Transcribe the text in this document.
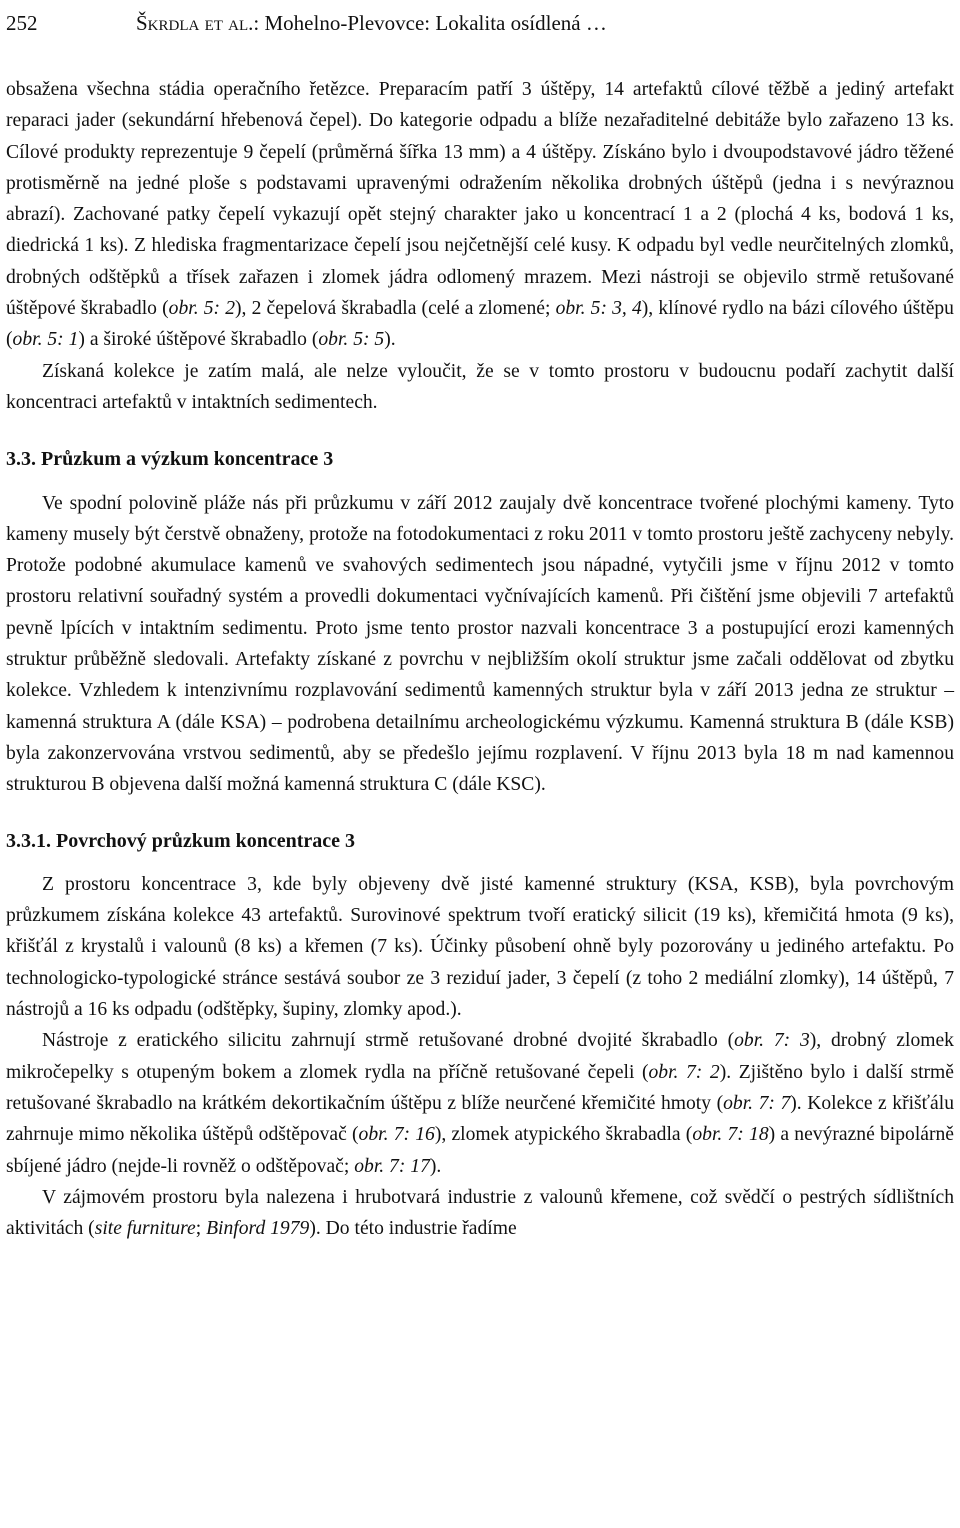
252	Škrdla et al.: Mohelno-Plevovce: Lokalita osídlená …

obsažena všechna stádia operačního řetězce. Preparacím patří 3 úštěpy, 14 artefaktů cílové těžbě a jediný artefakt reparaci jader (sekundární hřebenová čepel). Do kategorie odpadu a blíže nezařaditelné debitáže bylo zařazeno 13 ks. Cílové produkty reprezentuje 9 čepelí (průměrná šířka 13 mm) a 4 úštěpy. Získáno bylo i dvoupodstavové jádro těžené protisměrně na jedné ploše s podstavami upravenými odražením několika drobných úštěpů (jedna i s nevýraznou abrazí). Zachované patky čepelí vykazují opět stejný charakter jako u koncentrací 1 a 2 (plochá 4 ks, bodová 1 ks, diedrická 1 ks). Z hlediska fragmentarizace čepelí jsou nejčetnější celé kusy. K odpadu byl vedle neurčitelných zlomků, drobných odštěpků a třísek zařazen i zlomek jádra odlomený mrazem. Mezi nástroji se objevilo strmě retušované úštěpové škrabadlo (obr. 5: 2), 2 čepelová škrabadla (celé a zlomené; obr. 5: 3, 4), klínové rydlo na bázi cílového úštěpu (obr. 5: 1) a široké úštěpové škrabadlo (obr. 5: 5).

Získaná kolekce je zatím malá, ale nelze vyloučit, že se v tomto prostoru v budoucnu podaří zachytit další koncentraci artefaktů v intaktních sedimentech.

3.3. Průzkum a výzkum koncentrace 3

Ve spodní polovině pláže nás při průzkumu v září 2012 zaujaly dvě koncentrace tvořené plochými kameny. Tyto kameny musely být čerstvě obnaženy, protože na fotodokumentaci z roku 2011 v tomto prostoru ještě zachyceny nebyly. Protože podobné akumulace kamenů ve svahových sedimentech jsou nápadné, vytyčili jsme v říjnu 2012 v tomto prostoru relativní souřadný systém a provedli dokumentaci vyčnívajících kamenů. Při čištění jsme objevili 7 artefaktů pevně lpících v intaktním sedimentu. Proto jsme tento prostor nazvali koncentrace 3 a postupující erozi kamenných struktur průběžně sledovali. Artefakty získané z povrchu v nejbližším okolí struktur jsme začali oddělovat od zbytku kolekce. Vzhledem k intenzivnímu rozplavování sedimentů kamenných struktur byla v září 2013 jedna ze struktur – kamenná struktura A (dále KSA) – podrobena detailnímu archeologickému výzkumu. Kamenná struktura B (dále KSB) byla zakonzervována vrstvou sedimentů, aby se předešlo jejímu rozplavení. V říjnu 2013 byla 18 m nad kamennou strukturou B objevena další možná kamenná struktura C (dále KSC).

3.3.1. Povrchový průzkum koncentrace 3

Z prostoru koncentrace 3, kde byly objeveny dvě jisté kamenné struktury (KSA, KSB), byla povrchovým průzkumem získána kolekce 43 artefaktů. Surovinové spektrum tvoří eratický silicit (19 ks), křemičitá hmota (9 ks), křišťál z krystalů i valounů (8 ks) a křemen (7 ks). Účinky působení ohně byly pozorovány u jediného artefaktu. Po technologicko-typologické stránce sestává soubor ze 3 reziduí jader, 3 čepelí (z toho 2 mediální zlomky), 14 úštěpů, 7 nástrojů a 16 ks odpadu (odštěpky, šupiny, zlomky apod.).

Nástroje z eratického silicitu zahrnují strmě retušované drobné dvojité škrabadlo (obr. 7: 3), drobný zlomek mikročepelky s otupeným bokem a zlomek rydla na příčně retušované čepeli (obr. 7: 2). Zjištěno bylo i další strmě retušované škrabadlo na krátkém dekortikačním úštěpu z blíže neurčené křemičité hmoty (obr. 7: 7). Kolekce z křišťálu zahrnuje mimo několika úštěpů odštěpovač (obr. 7: 16), zlomek atypického škrabadla (obr. 7: 18) a nevýrazné bipolárně sbíjené jádro (nejde-li rovněž o odštěpovač; obr. 7: 17).

V zájmovém prostoru byla nalezena i hrubotvará industrie z valounů křemene, což svědčí o pestrých sídlištních aktivitách (site furniture; Binford 1979). Do této industrie řadíme
